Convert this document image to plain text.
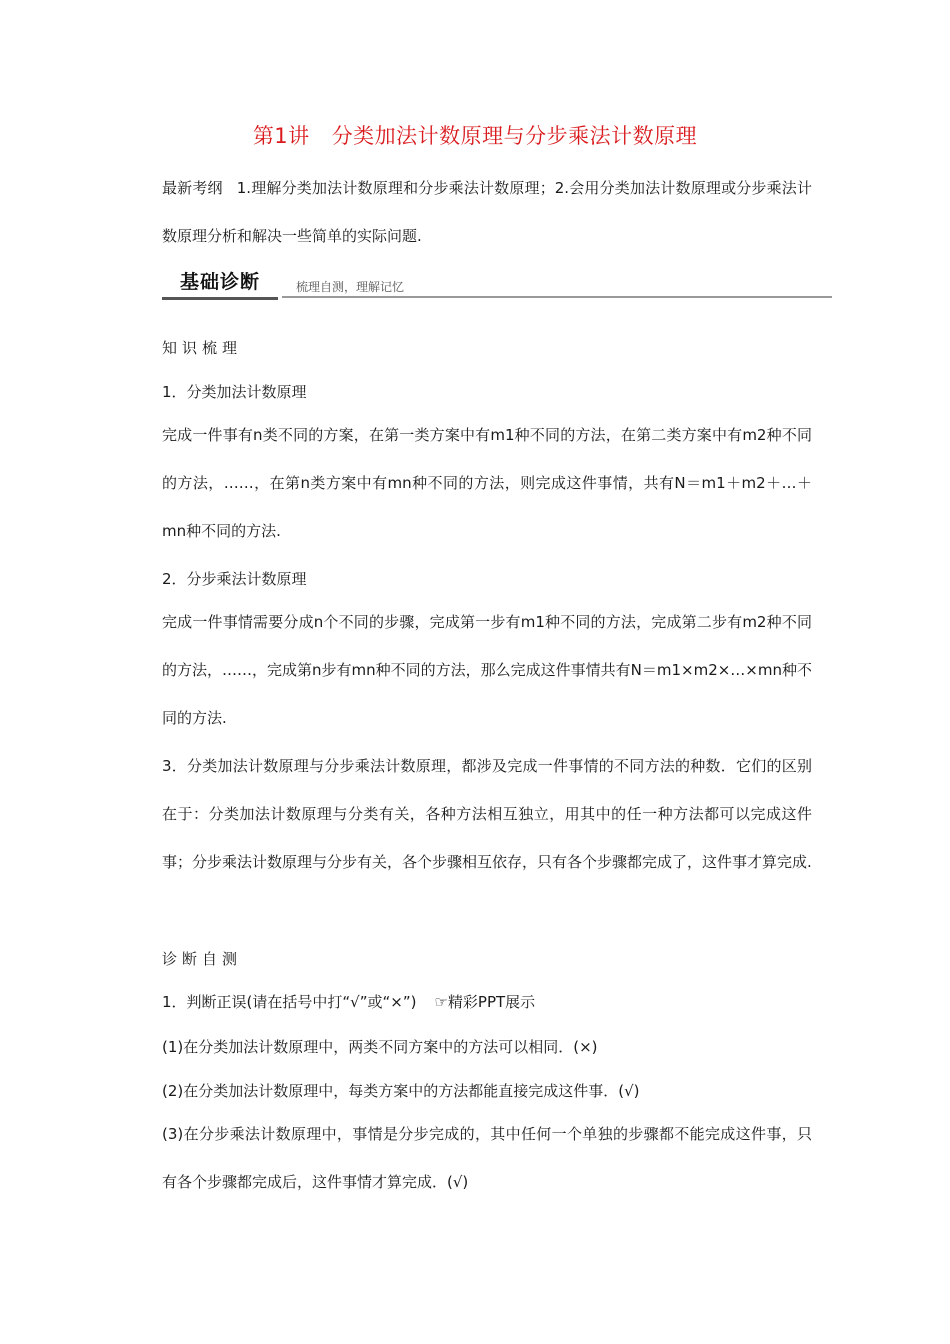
第1讲 分类加法计数原理与分步乘法计数原理
最新考纲 1.理解分类加法计数原理和分步乘法计数原理；2.会用分类加法计数原理或分步乘法计数原理分析和解决一些简单的实际问题.
基础诊断	梳理自测，理解记忆
知识梳理
1．分类加法计数原理
完成一件事有n类不同的方案，在第一类方案中有m1种不同的方法，在第二类方案中有m2种不同的方法，……，在第n类方案中有mn种不同的方法，则完成这件事情，共有N＝m1＋m2＋…＋mn种不同的方法.
2．分步乘法计数原理
完成一件事情需要分成n个不同的步骤，完成第一步有m1种不同的方法，完成第二步有m2种不同的方法，……，完成第n步有mn种不同的方法，那么完成这件事情共有N＝m1×m2×…×mn种不同的方法.
3．分类加法计数原理与分步乘法计数原理，都涉及完成一件事情的不同方法的种数．它们的区别在于：分类加法计数原理与分类有关，各种方法相互独立，用其中的任一种方法都可以完成这件事；分步乘法计数原理与分步有关，各个步骤相互依存，只有各个步骤都完成了，这件事才算完成.
诊断自测
1．判断正误(请在括号中打“√”或“×”) ☞精彩PPT展示
(1)在分类加法计数原理中，两类不同方案中的方法可以相同．(×)
(2)在分类加法计数原理中，每类方案中的方法都能直接完成这件事．(√)
(3)在分步乘法计数原理中，事情是分步完成的，其中任何一个单独的步骤都不能完成这件事，只有各个步骤都完成后，这件事情才算完成．(√)
